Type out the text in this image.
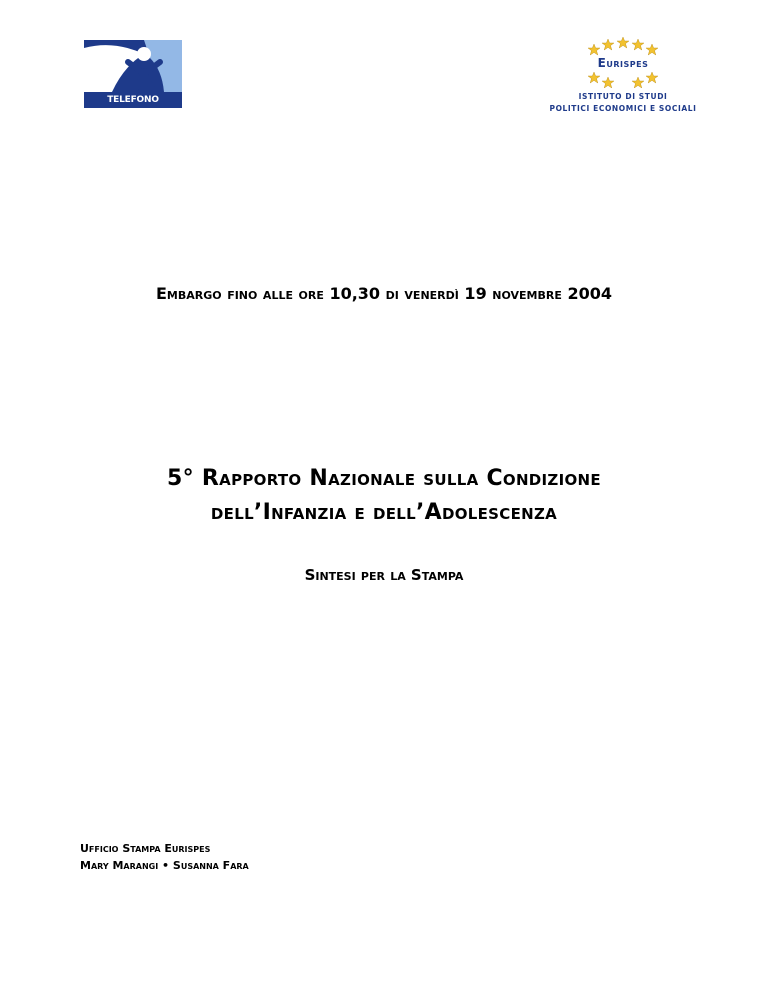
TELEFONO AZZURRO
Eurispes
ISTITUTO DI STUDI
POLITICI ECONOMICI E SOCIALI
Embargo fino alle ore 10,30 di venerdì 19 novembre 2004
5° Rapporto Nazionale sulla Condizione
dell’Infanzia e dell’Adolescenza
Sintesi per la Stampa
Ufficio Stampa Eurispes
Mary Marangi • Susanna Fara
